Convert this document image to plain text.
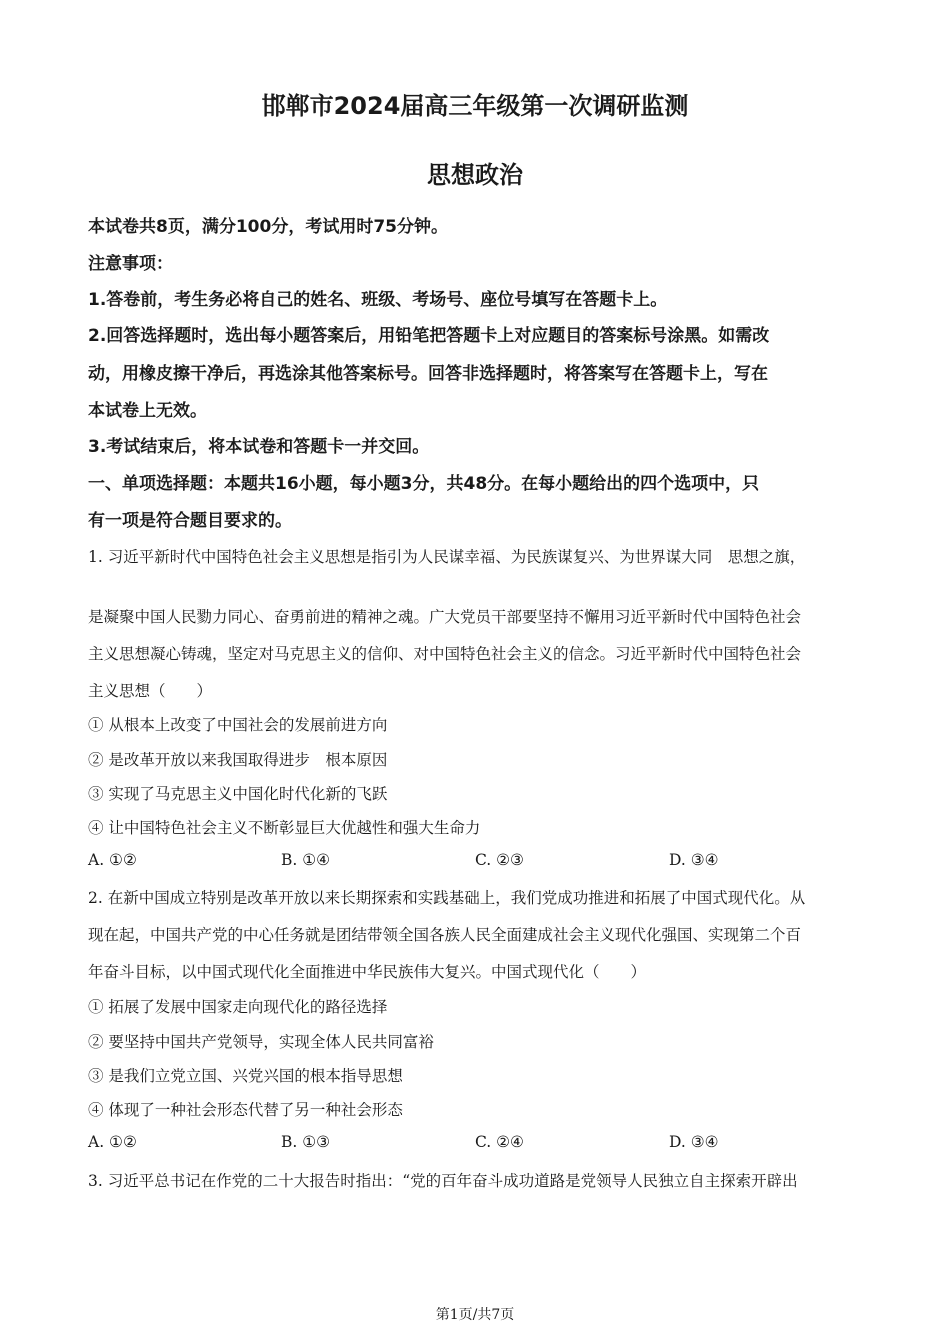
邯郸市2024届高三年级第一次调研监测
思想政治
本试卷共8页，满分100分，考试用时75分钟。
注意事项：
1.答卷前，考生务必将自己的姓名、班级、考场号、座位号填写在答题卡上。
2.回答选择题时，选出每小题答案后，用铅笔把答题卡上对应题目的答案标号涂黑。如需改
动，用橡皮擦干净后，再选涂其他答案标号。回答非选择题时，将答案写在答题卡上，写在
本试卷上无效。
3.考试结束后，将本试卷和答题卡一并交回。
一、单项选择题：本题共16小题，每小题3分，共48分。在每小题给出的四个选项中，只
有一项是符合题目要求的。
1. 习近平新时代中国特色社会主义思想是指引为人民谋幸福、为民族谋复兴、为世界谋大同　思想之旗，
是凝聚中国人民勠力同心、奋勇前进的精神之魂。广大党员干部要坚持不懈用习近平新时代中国特色社会
主义思想凝心铸魂，坚定对马克思主义的信仰、对中国特色社会主义的信念。习近平新时代中国特色社会
主义思想（　　）
① 从根本上改变了中国社会的发展前进方向
② 是改革开放以来我国取得进步　根本原因
③ 实现了马克思主义中国化时代化新的飞跃
④ 让中国特色社会主义不断彰显巨大优越性和强大生命力
A. ①②	B. ①④	C. ②③	D. ③④
2. 在新中国成立特别是改革开放以来长期探索和实践基础上，我们党成功推进和拓展了中国式现代化。从
现在起，中国共产党的中心任务就是团结带领全国各族人民全面建成社会主义现代化强国、实现第二个百
年奋斗目标，以中国式现代化全面推进中华民族伟大复兴。中国式现代化（　　）
① 拓展了发展中国家走向现代化的路径选择
② 要坚持中国共产党领导，实现全体人民共同富裕
③ 是我们立党立国、兴党兴国的根本指导思想
④ 体现了一种社会形态代替了另一种社会形态
A. ①②	B. ①③	C. ②④	D. ③④
3. 习近平总书记在作党的二十大报告时指出：“党的百年奋斗成功道路是党领导人民独立自主探索开辟出
第1页/共7页
